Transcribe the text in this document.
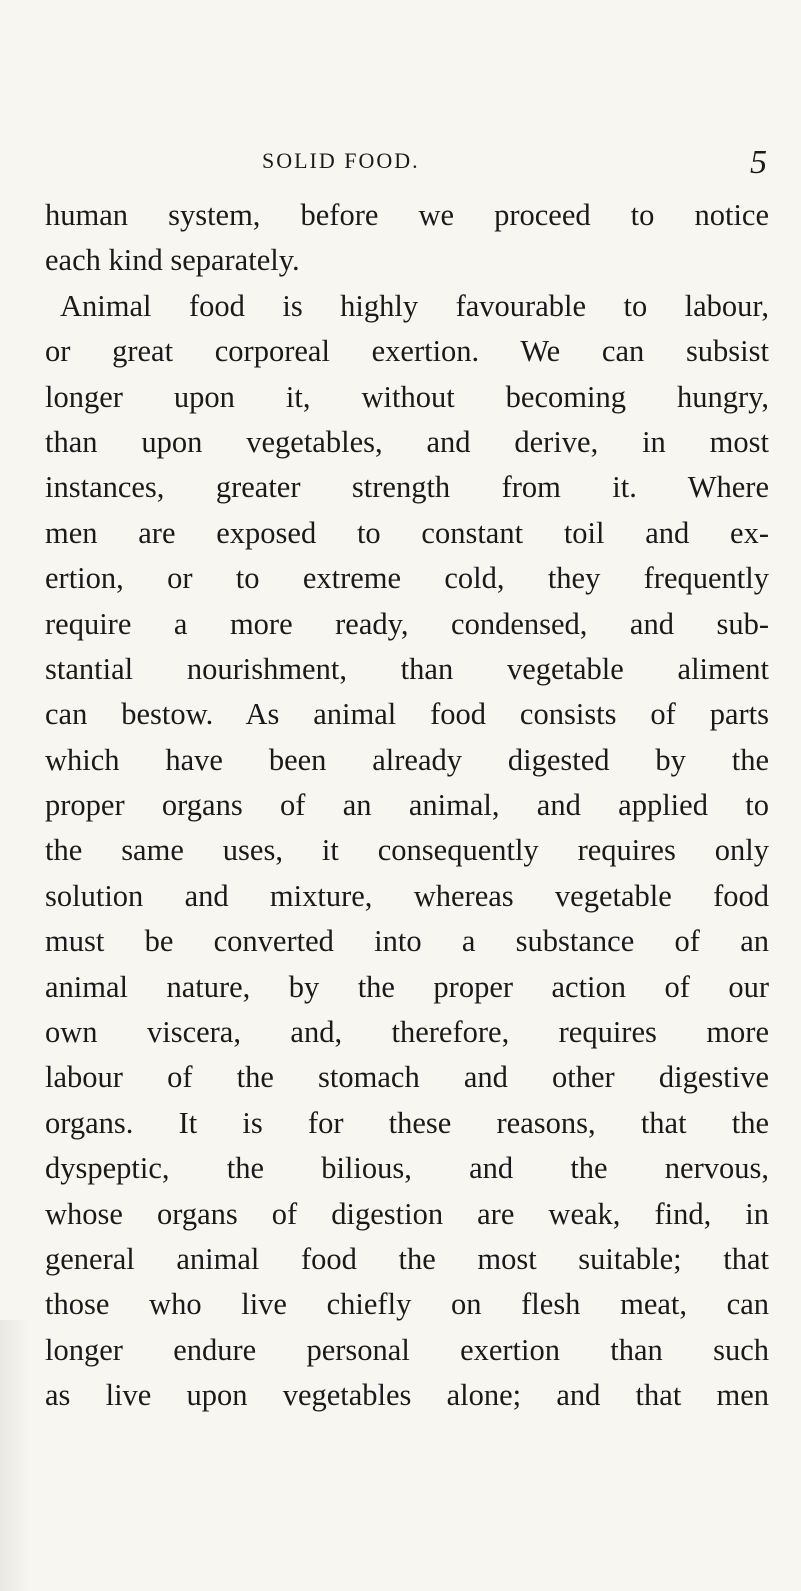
SOLID FOOD.	5
human system, before we proceed to notice
each kind separately.
Animal food is highly favourable to labour,
or great corporeal exertion. We can subsist
longer upon it, without becoming hungry,
than upon vegetables, and derive, in most
instances, greater strength from it. Where
men are exposed to constant toil and ex-
ertion, or to extreme cold, they frequently
require a more ready, condensed, and sub-
stantial nourishment, than vegetable aliment
can bestow. As animal food consists of parts
which have been already digested by the
proper organs of an animal, and applied to
the same uses, it consequently requires only
solution and mixture, whereas vegetable food
must be converted into a substance of an
animal nature, by the proper action of our
own viscera, and, therefore, requires more
labour of the stomach and other digestive
organs. It is for these reasons, that the
dyspeptic, the bilious, and the nervous,
whose organs of digestion are weak, find, in
general animal food the most suitable; that
those who live chiefly on flesh meat, can
longer endure personal exertion than such
as live upon vegetables alone; and that men
